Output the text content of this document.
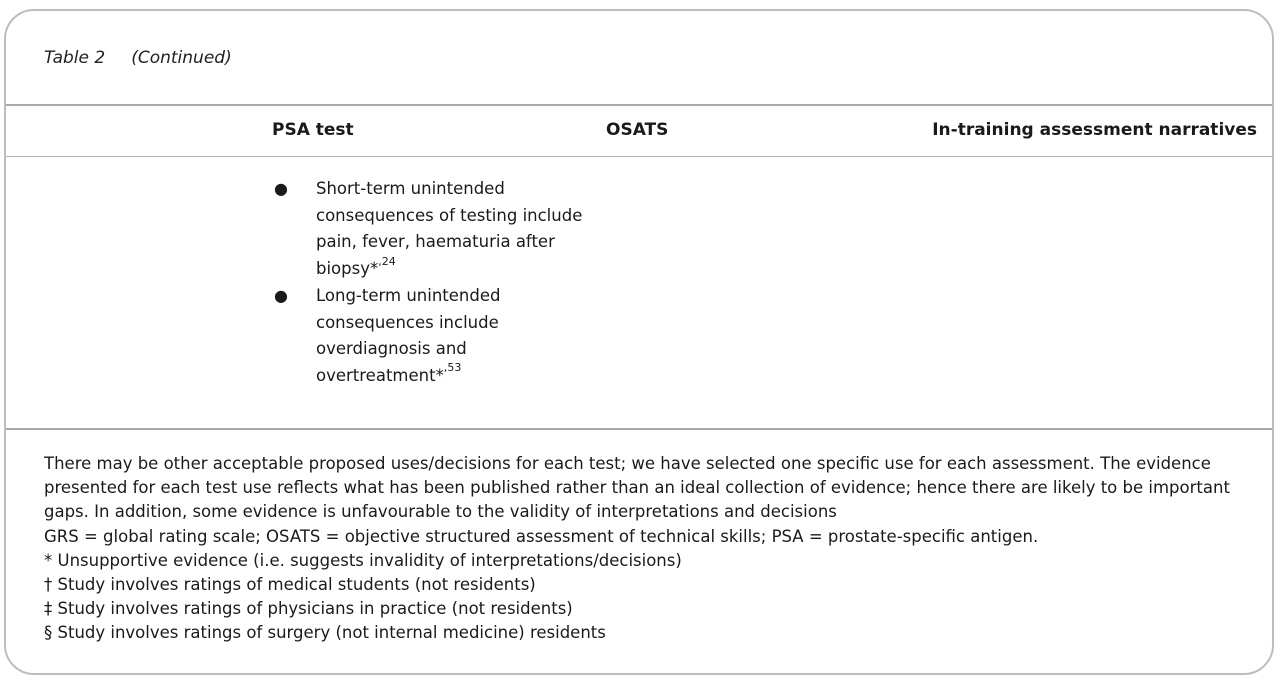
Table 2 (Continued)
PSA test	OSATS	In-training assessment narratives
● Short-term unintended consequences of testing include pain, fever, haematuria after biopsy*$^{,24}$
● Long-term unintended consequences include overdiagnosis and overtreatment*$^{,53}$

There may be other acceptable proposed uses/decisions for each test; we have selected one specific use for each assessment. The evidence presented for each test use reflects what has been published rather than an ideal collection of evidence; hence there are likely to be important gaps. In addition, some evidence is unfavourable to the validity of interpretations and decisions

GRS = global rating scale; OSATS = objective structured assessment of technical skills; PSA = prostate-specific antigen.

* Unsupportive evidence (i.e. suggests invalidity of interpretations/decisions)

† Study involves ratings of medical students (not residents)

‡ Study involves ratings of physicians in practice (not residents)

§ Study involves ratings of surgery (not internal medicine) residents
